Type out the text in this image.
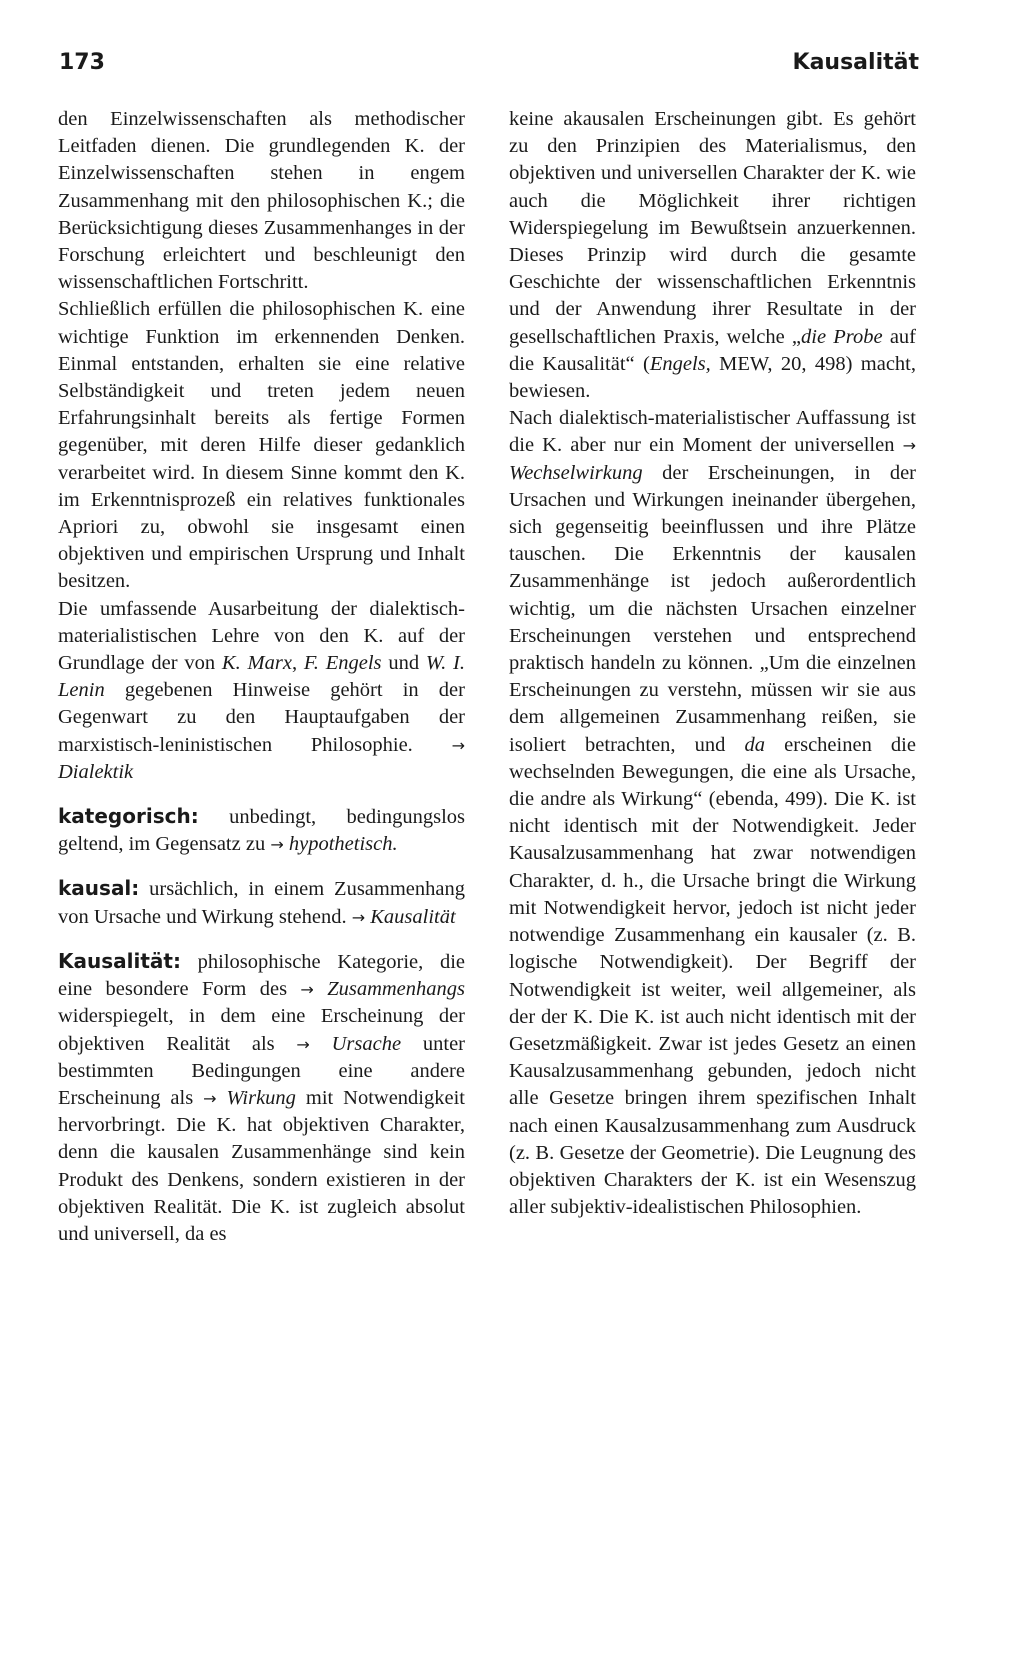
173	Kausalität

den Einzelwissenschaften als methodischer Leitfaden dienen. Die grundlegenden K. der Einzelwissenschaften stehen in engem Zusammenhang mit den philosophischen K.; die Berücksichtigung dieses Zusammenhanges in der Forschung erleichtert und beschleunigt den wissenschaftlichen Fortschritt.

Schließlich erfüllen die philosophischen K. eine wichtige Funktion im erkennenden Denken. Einmal entstanden, erhalten sie eine relative Selbständigkeit und treten jedem neuen Erfahrungsinhalt bereits als fertige Formen gegenüber, mit deren Hilfe dieser gedanklich verarbeitet wird. In diesem Sinne kommt den K. im Erkenntnisprozeß ein relatives funktionales Apriori zu, obwohl sie insgesamt einen objektiven und empirischen Ursprung und Inhalt besitzen.

Die umfassende Ausarbeitung der dialektisch-materialistischen Lehre von den K. auf der Grundlage der von K. Marx, F. Engels und W. I. Lenin gegebenen Hinweise gehört in der Gegenwart zu den Hauptaufgaben der marxistisch-leninistischen Philosophie. → Dialektik

kategorisch: unbedingt, bedingungslos geltend, im Gegensatz zu → hypothetisch.

kausal: ursächlich, in einem Zusammenhang von Ursache und Wirkung stehend. → Kausalität

Kausalität: philosophische Kategorie, die eine besondere Form des → Zusammenhangs widerspiegelt, in dem eine Erscheinung der objektiven Realität als → Ursache unter bestimmten Bedingungen eine andere Erscheinung als → Wirkung mit Notwendigkeit hervorbringt. Die K. hat objektiven Charakter, denn die kausalen Zusammenhänge sind kein Produkt des Denkens, sondern existieren in der objektiven Realität. Die K. ist zugleich absolut und universell, da es

keine akausalen Erscheinungen gibt. Es gehört zu den Prinzipien des Materialismus, den objektiven und universellen Charakter der K. wie auch die Möglichkeit ihrer richtigen Widerspiegelung im Bewußtsein anzuerkennen. Dieses Prinzip wird durch die gesamte Geschichte der wissenschaftlichen Erkenntnis und der Anwendung ihrer Resultate in der gesellschaftlichen Praxis, welche „die Probe auf die Kausalität“ (Engels, MEW, 20, 498) macht, bewiesen.

Nach dialektisch-materialistischer Auffassung ist die K. aber nur ein Moment der universellen → Wechselwirkung der Erscheinungen, in der Ursachen und Wirkungen ineinander übergehen, sich gegenseitig beeinflussen und ihre Plätze tauschen. Die Erkenntnis der kausalen Zusammenhänge ist jedoch außerordentlich wichtig, um die nächsten Ursachen einzelner Erscheinungen verstehen und entsprechend praktisch handeln zu können. „Um die einzelnen Erscheinungen zu verstehn, müssen wir sie aus dem allgemeinen Zusammenhang reißen, sie isoliert betrachten, und da erscheinen die wechselnden Bewegungen, die eine als Ursache, die andre als Wirkung“ (ebenda, 499). Die K. ist nicht identisch mit der Notwendigkeit. Jeder Kausalzusammenhang hat zwar notwendigen Charakter, d. h., die Ursache bringt die Wirkung mit Notwendigkeit hervor, jedoch ist nicht jeder notwendige Zusammenhang ein kausaler (z. B. logische Notwendigkeit). Der Begriff der Notwendigkeit ist weiter, weil allgemeiner, als der der K. Die K. ist auch nicht identisch mit der Gesetzmäßigkeit. Zwar ist jedes Gesetz an einen Kausalzusammenhang gebunden, jedoch nicht alle Gesetze bringen ihrem spezifischen Inhalt nach einen Kausalzusammenhang zum Ausdruck (z. B. Gesetze der Geometrie). Die Leugnung des objektiven Charakters der K. ist ein Wesenszug aller subjektiv-idealistischen Philosophien.
